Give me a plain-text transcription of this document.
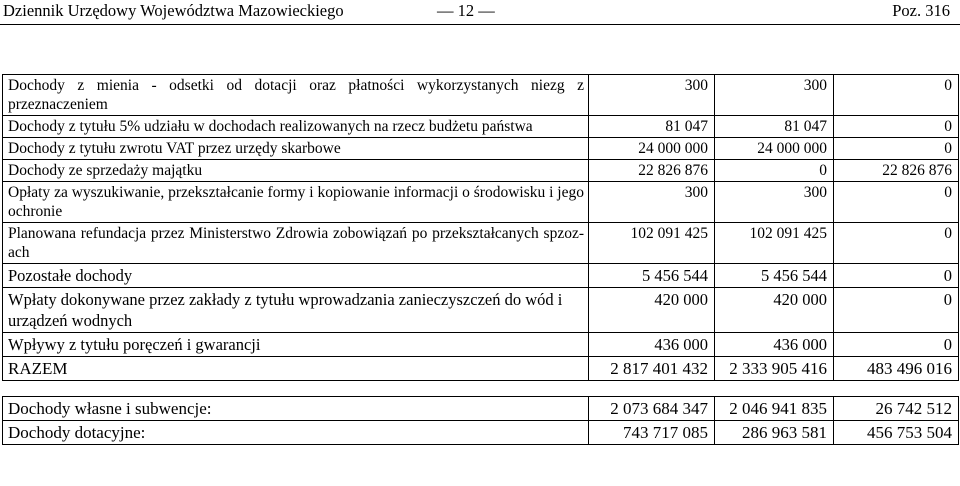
Dziennik Urzędowy Województwa Mazowieckiego	— 12 —	Poz. 316
Dochody z mienia - odsetki od dotacji oraz płatności wykorzystanych niezg z przeznaczeniem	300	300	0
Dochody z tytułu 5% udziału w dochodach realizowanych na rzecz budżetu państwa	81 047	81 047	0
Dochody z tytułu zwrotu VAT przez urzędy skarbowe	24 000 000	24 000 000	0
Dochody ze sprzedaży majątku	22 826 876	0	22 826 876
Opłaty za wyszukiwanie, przekształcanie formy i kopiowanie informacji o środowisku i jego ochronie	300	300	0
Planowana refundacja przez Ministerstwo Zdrowia zobowiązań po przekształcanych spzoz-ach	102 091 425	102 091 425	0
Pozostałe dochody	5 456 544	5 456 544	0
Wpłaty dokonywane przez zakłady z tytułu wprowadzania zanieczyszczeń do wód i urządzeń wodnych	420 000	420 000	0
Wpływy z tytułu poręczeń i gwarancji	436 000	436 000	0
RAZEM	2 817 401 432	2 333 905 416	483 496 016

Dochody własne i subwencje:	2 073 684 347	2 046 941 835	26 742 512
Dochody dotacyjne:	743 717 085	286 963 581	456 753 504
